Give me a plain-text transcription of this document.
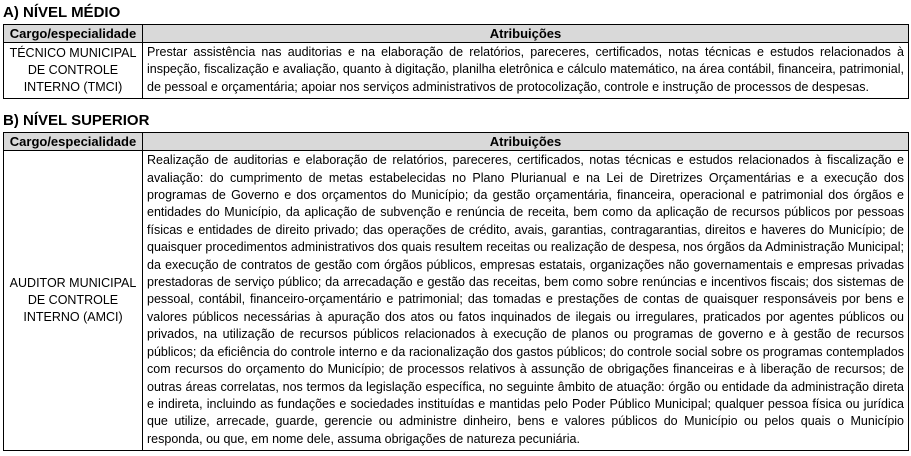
A) NÍVEL MÉDIO
Cargo/especialidade	Atribuições
TÉCNICO MUNICIPAL DE CONTROLE INTERNO (TMCI)	Prestar assistência nas auditorias e na elaboração de relatórios, pareceres, certificados, notas técnicas e estudos relacionados à inspeção, fiscalização e avaliação, quanto à digitação, planilha eletrônica e cálculo matemático, na área contábil, financeira, patrimonial, de pessoal e orçamentária; apoiar nos serviços administrativos de protocolização, controle e instrução de processos de despesas.
B) NÍVEL SUPERIOR
Cargo/especialidade	Atribuições
AUDITOR MUNICIPAL DE CONTROLE INTERNO (AMCI)	Realização de auditorias e elaboração de relatórios, pareceres, certificados, notas técnicas e estudos relacionados à fiscalização e avaliação: do cumprimento de metas estabelecidas no Plano Plurianual e na Lei de Diretrizes Orçamentárias e a execução dos programas de Governo e dos orçamentos do Município; da gestão orçamentária, financeira, operacional e patrimonial dos órgãos e entidades do Município, da aplicação de subvenção e renúncia de receita, bem como da aplicação de recursos públicos por pessoas físicas e entidades de direito privado; das operações de crédito, avais, garantias, contragarantias, direitos e haveres do Município; de quaisquer procedimentos administrativos dos quais resultem receitas ou realização de despesa, nos órgãos da Administração Municipal; da execução de contratos de gestão com órgãos públicos, empresas estatais, organizações não governamentais e empresas privadas prestadoras de serviço público; da arrecadação e gestão das receitas, bem como sobre renúncias e incentivos fiscais; dos sistemas de pessoal, contábil, financeiro-orçamentário e patrimonial; das tomadas e prestações de contas de quaisquer responsáveis por bens e valores públicos necessárias à apuração dos atos ou fatos inquinados de ilegais ou irregulares, praticados por agentes públicos ou privados, na utilização de recursos públicos relacionados à execução de planos ou programas de governo e à gestão de recursos públicos; da eficiência do controle interno e da racionalização dos gastos públicos; do controle social sobre os programas contemplados com recursos do orçamento do Município; de processos relativos à assunção de obrigações financeiras e à liberação de recursos; de outras áreas correlatas, nos termos da legislação específica, no seguinte âmbito de atuação: órgão ou entidade da administração direta e indireta, incluindo as fundações e sociedades instituídas e mantidas pelo Poder Público Municipal; qualquer pessoa física ou jurídica que utilize, arrecade, guarde, gerencie ou administre dinheiro, bens e valores públicos do Município ou pelos quais o Município responda, ou que, em nome dele, assuma obrigações de natureza pecuniária.
